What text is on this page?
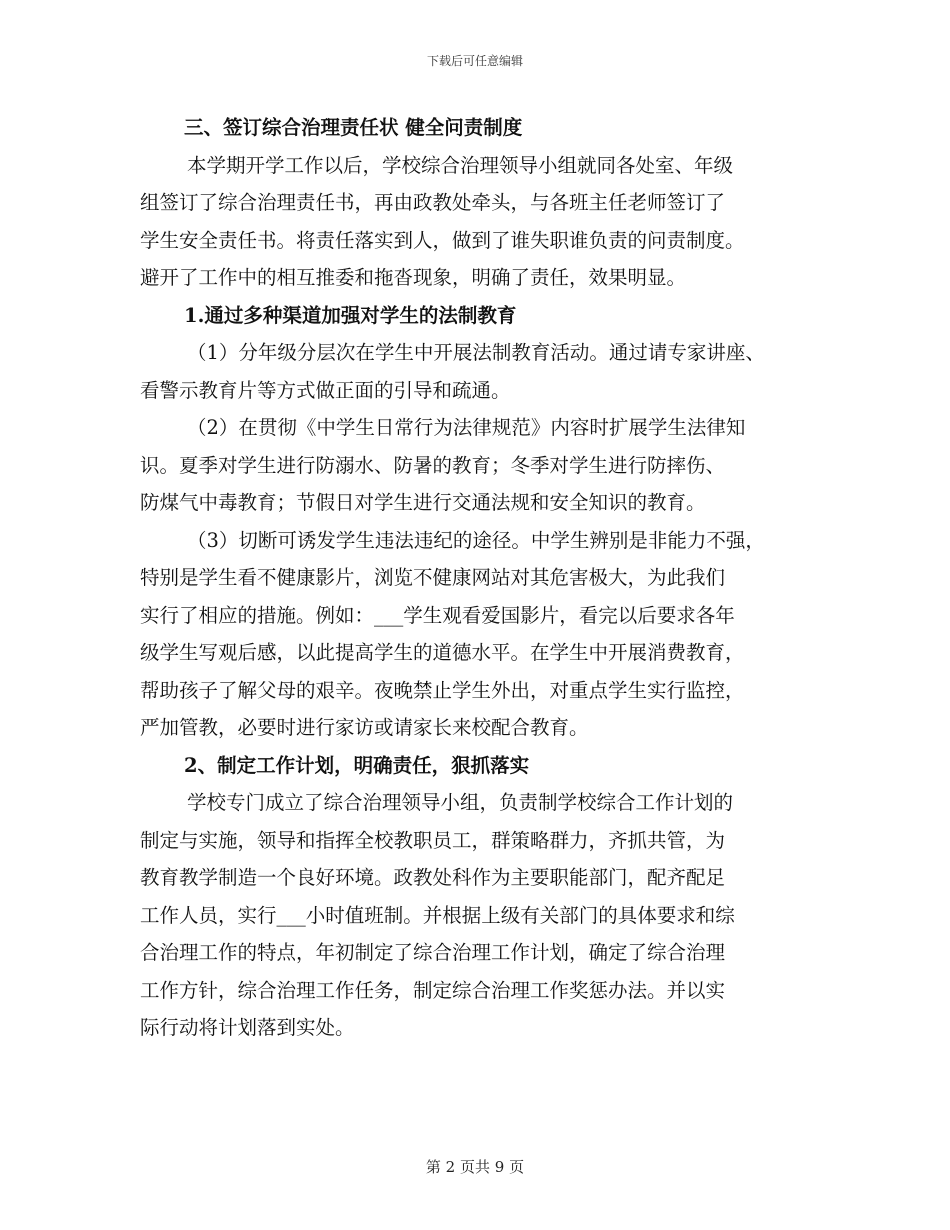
下载后可任意编辑
三、签订综合治理责任状 健全问责制度
本学期开学工作以后，学校综合治理领导小组就同各处室、年级
组签订了综合治理责任书，再由政教处牵头，与各班主任老师签订了
学生安全责任书。将责任落实到人，做到了谁失职谁负责的问责制度。
避开了工作中的相互推委和拖沓现象，明确了责任，效果明显。
1.通过多种渠道加强对学生的法制教育
（1）分年级分层次在学生中开展法制教育活动。通过请专家讲座、
看警示教育片等方式做正面的引导和疏通。
（2）在贯彻《中学生日常行为法律规范》内容时扩展学生法律知
识。夏季对学生进行防溺水、防暑的教育；冬季对学生进行防摔伤、
防煤气中毒教育；节假日对学生进行交通法规和安全知识的教育。
（3）切断可诱发学生违法违纪的途径。中学生辨别是非能力不强，
特别是学生看不健康影片，浏览不健康网站对其危害极大，为此我们
实行了相应的措施。例如：___学生观看爱国影片，看完以后要求各年
级学生写观后感，以此提高学生的道德水平。在学生中开展消费教育，
帮助孩子了解父母的艰辛。夜晚禁止学生外出，对重点学生实行监控，
严加管教，必要时进行家访或请家长来校配合教育。
2、制定工作计划，明确责任，狠抓落实
学校专门成立了综合治理领导小组，负责制学校综合工作计划的
制定与实施，领导和指挥全校教职员工，群策略群力，齐抓共管，为
教育教学制造一个良好环境。政教处科作为主要职能部门，配齐配足
工作人员，实行___小时值班制。并根据上级有关部门的具体要求和综
合治理工作的特点，年初制定了综合治理工作计划，确定了综合治理
工作方针，综合治理工作任务，制定综合治理工作奖惩办法。并以实
际行动将计划落到实处。
第 2 页共 9 页
